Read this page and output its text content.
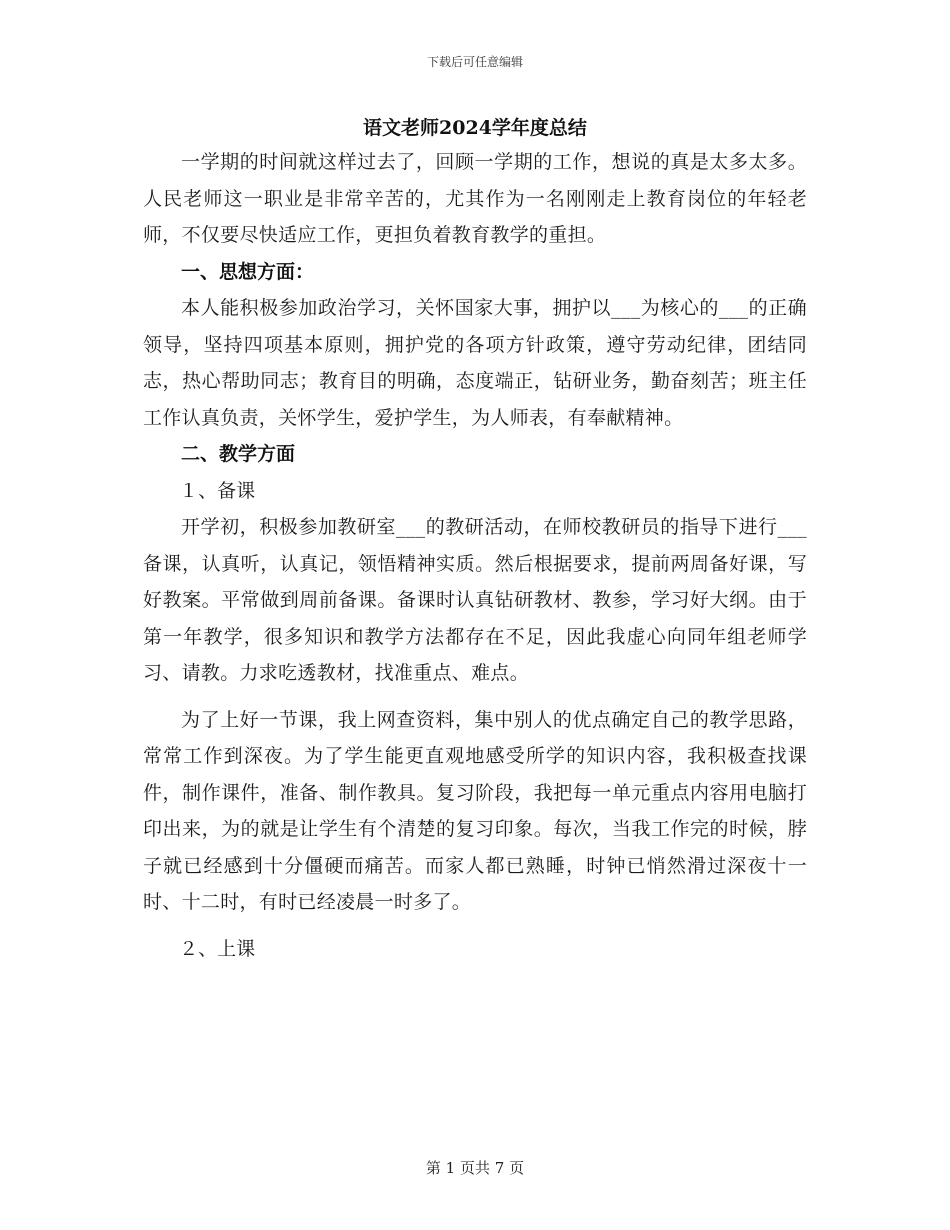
下载后可任意编辑
语文老师2024学年度总结

一学期的时间就这样过去了，回顾一学期的工作，想说的真是太多太多。人民老师这一职业是非常辛苦的，尤其作为一名刚刚走上教育岗位的年轻老师，不仅要尽快适应工作，更担负着教育教学的重担。

一、思想方面：

本人能积极参加政治学习，关怀国家大事，拥护以___为核心的___的正确领导，坚持四项基本原则，拥护党的各项方针政策，遵守劳动纪律，团结同志，热心帮助同志；教育目的明确，态度端正，钻研业务，勤奋刻苦；班主任工作认真负责，关怀学生，爱护学生，为人师表，有奉献精神。

二、教学方面
１、备课

开学初，积极参加教研室___的教研活动，在师校教研员的指导下进行___备课，认真听，认真记，领悟精神实质。然后根据要求，提前两周备好课，写好教案。平常做到周前备课。备课时认真钻研教材、教参，学习好大纲。由于第一年教学，很多知识和教学方法都存在不足，因此我虚心向同年组老师学习、请教。力求吃透教材，找准重点、难点。

为了上好一节课，我上网查资料，集中别人的优点确定自己的教学思路，常常工作到深夜。为了学生能更直观地感受所学的知识内容，我积极查找课件，制作课件，准备、制作教具。复习阶段，我把每一单元重点内容用电脑打印出来，为的就是让学生有个清楚的复习印象。每次，当我工作完的时候，脖子就已经感到十分僵硬而痛苦。而家人都已熟睡，时钟已悄然滑过深夜十一时、十二时，有时已经凌晨一时多了。

２、上课
第 1 页共 7 页
